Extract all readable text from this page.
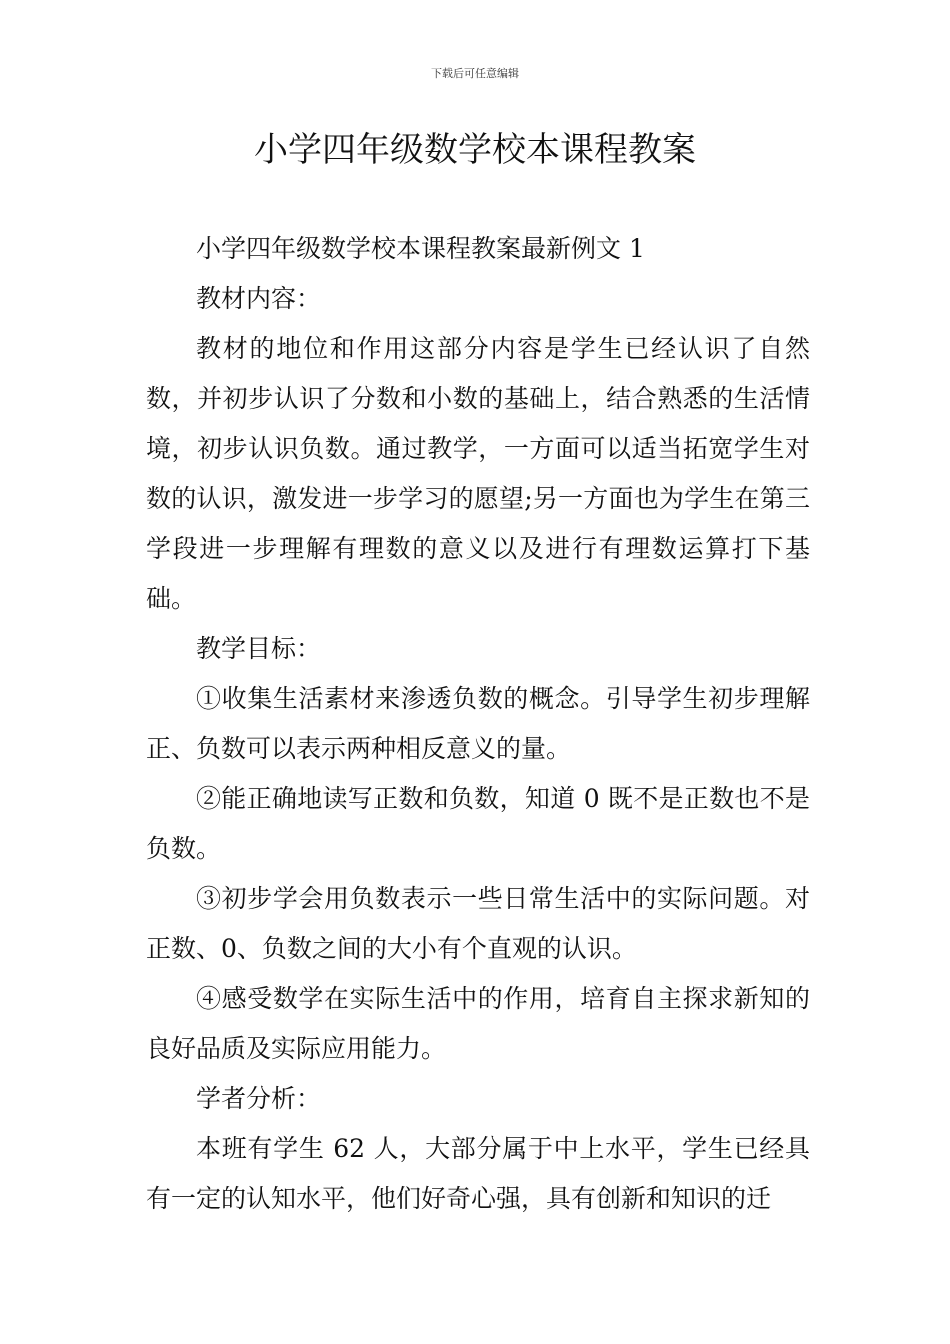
下载后可任意编辑
小学四年级数学校本课程教案

小学四年级数学校本课程教案最新例文 1

教材内容：

教材的地位和作用这部分内容是学生已经认识了自然数，并初步认识了分数和小数的基础上，结合熟悉的生活情境，初步认识负数。通过教学，一方面可以适当拓宽学生对数的认识，激发进一步学习的愿望;另一方面也为学生在第三学段进一步理解有理数的意义以及进行有理数运算打下基础。

教学目标：

①收集生活素材来渗透负数的概念。引导学生初步理解正、负数可以表示两种相反意义的量。

②能正确地读写正数和负数，知道 0 既不是正数也不是负数。

③初步学会用负数表示一些日常生活中的实际问题。对正数、0、负数之间的大小有个直观的认识。

④感受数学在实际生活中的作用，培育自主探求新知的良好品质及实际应用能力。

学者分析：

本班有学生 62 人，大部分属于中上水平，学生已经具有一定的认知水平，他们好奇心强，具有创新和知识的迁
